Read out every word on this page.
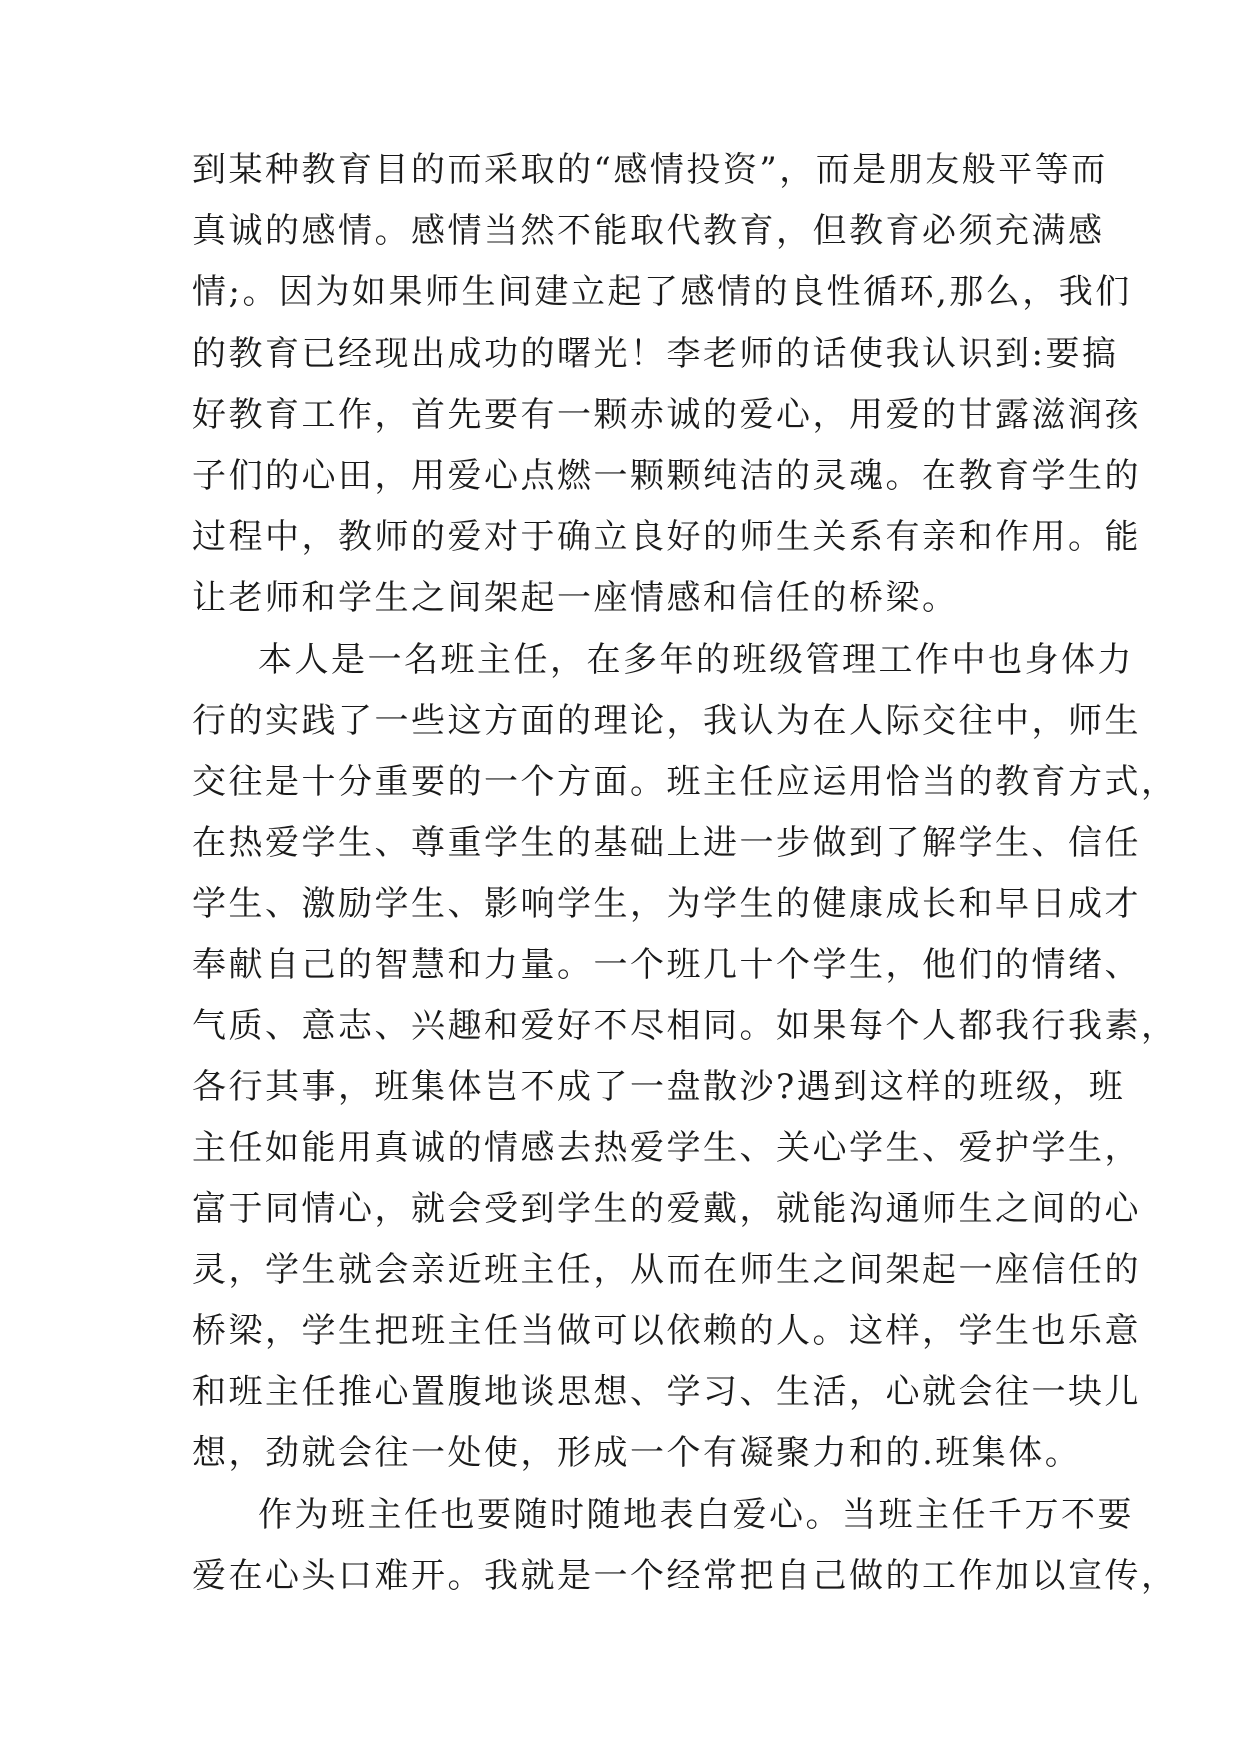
到某种教育目的而采取的“感情投资”，而是朋友般平等而

真诚的感情。感情当然不能取代教育，但教育必须充满感

情;。因为如果师生间建立起了感情的良性循环,那么，我们

的教育已经现出成功的曙光！李老师的话使我认识到:要搞

好教育工作，首先要有一颗赤诚的爱心，用爱的甘露滋润孩

子们的心田，用爱心点燃一颗颗纯洁的灵魂。在教育学生的

过程中，教师的爱对于确立良好的师生关系有亲和作用。能

让老师和学生之间架起一座情感和信任的桥梁。

本人是一名班主任，在多年的班级管理工作中也身体力

行的实践了一些这方面的理论，我认为在人际交往中，师生

交往是十分重要的一个方面。班主任应运用恰当的教育方式，

在热爱学生、尊重学生的基础上进一步做到了解学生、信任

学生、激励学生、影响学生，为学生的健康成长和早日成才

奉献自己的智慧和力量。一个班几十个学生，他们的情绪、

气质、意志、兴趣和爱好不尽相同。如果每个人都我行我素，

各行其事，班集体岂不成了一盘散沙?遇到这样的班级，班

主任如能用真诚的情感去热爱学生、关心学生、爱护学生，

富于同情心，就会受到学生的爱戴，就能沟通师生之间的心

灵，学生就会亲近班主任，从而在师生之间架起一座信任的

桥梁，学生把班主任当做可以依赖的人。这样，学生也乐意

和班主任推心置腹地谈思想、学习、生活，心就会往一块儿

想，劲就会往一处使，形成一个有凝聚力和的.班集体。

作为班主任也要随时随地表白爱心。当班主任千万不要

爱在心头口难开。我就是一个经常把自己做的工作加以宣传，
